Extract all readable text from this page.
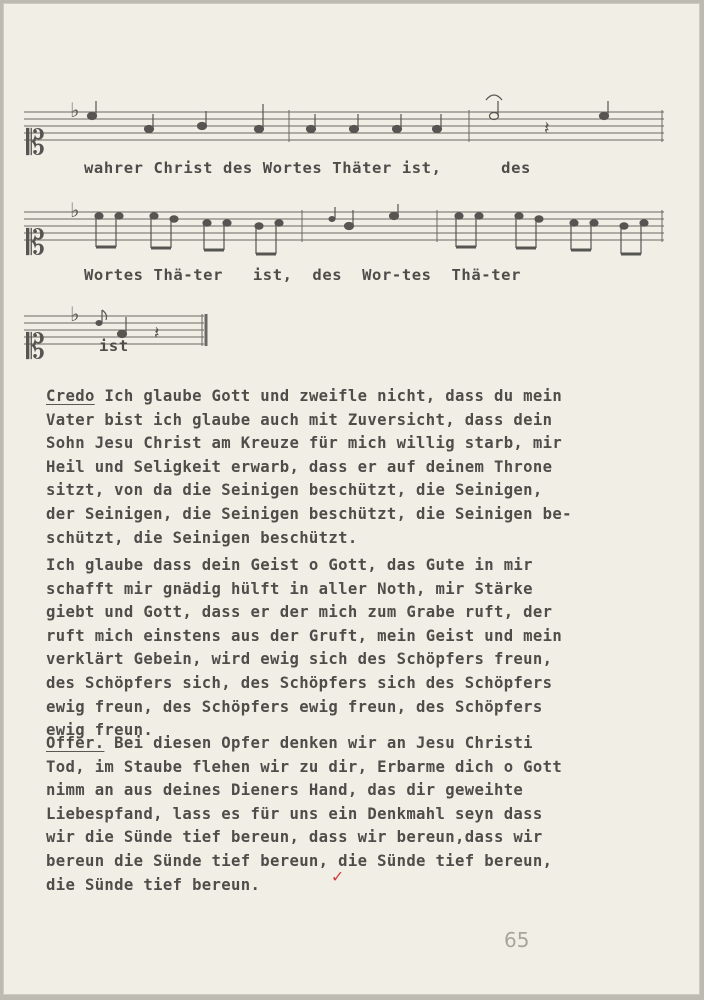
𝄡
𝄡
𝄡
♭
♭
♭
𝄽
𝄽
wahrer Christ des Wortes Thäter ist,      des
Wortes Thä-ter   ist,  des  Wor-tes  Thä-ter
ist
Credo Ich glaube Gott und zweifle nicht, dass du mein
Vater bist ich glaube auch mit Zuversicht, dass dein
Sohn Jesu Christ am Kreuze für mich willig starb, mir
Heil und Seligkeit erwarb, dass er auf deinem Throne
sitzt, von da die Seinigen beschützt, die Seinigen,
der Seinigen, die Seinigen beschützt, die Seinigen be-
schützt, die Seinigen beschützt.
Ich glaube dass dein Geist o Gott, das Gute in mir
schafft mir gnädig hülft in aller Noth, mir Stärke
giebt und Gott, dass er der mich zum Grabe ruft, der
ruft mich einstens aus der Gruft, mein Geist und mein
verklärt Gebein, wird ewig sich des Schöpfers freun,
des Schöpfers sich, des Schöpfers sich des Schöpfers
ewig freun, des Schöpfers ewig freun, des Schöpfers
ewig freun.
Offer. Bei diesen Opfer denken wir an Jesu Christi
Tod, im Staube flehen wir zu dir, Erbarme dich o Gott
nimm an aus deines Dieners Hand, das dir geweihte
Liebespfand, lass es für uns ein Denkmahl seyn dass
wir die Sünde tief bereun, dass wir bereun,dass wir
bereun die Sünde tief bereun, die Sünde tief bereun,
die Sünde tief bereun.	✓
65
